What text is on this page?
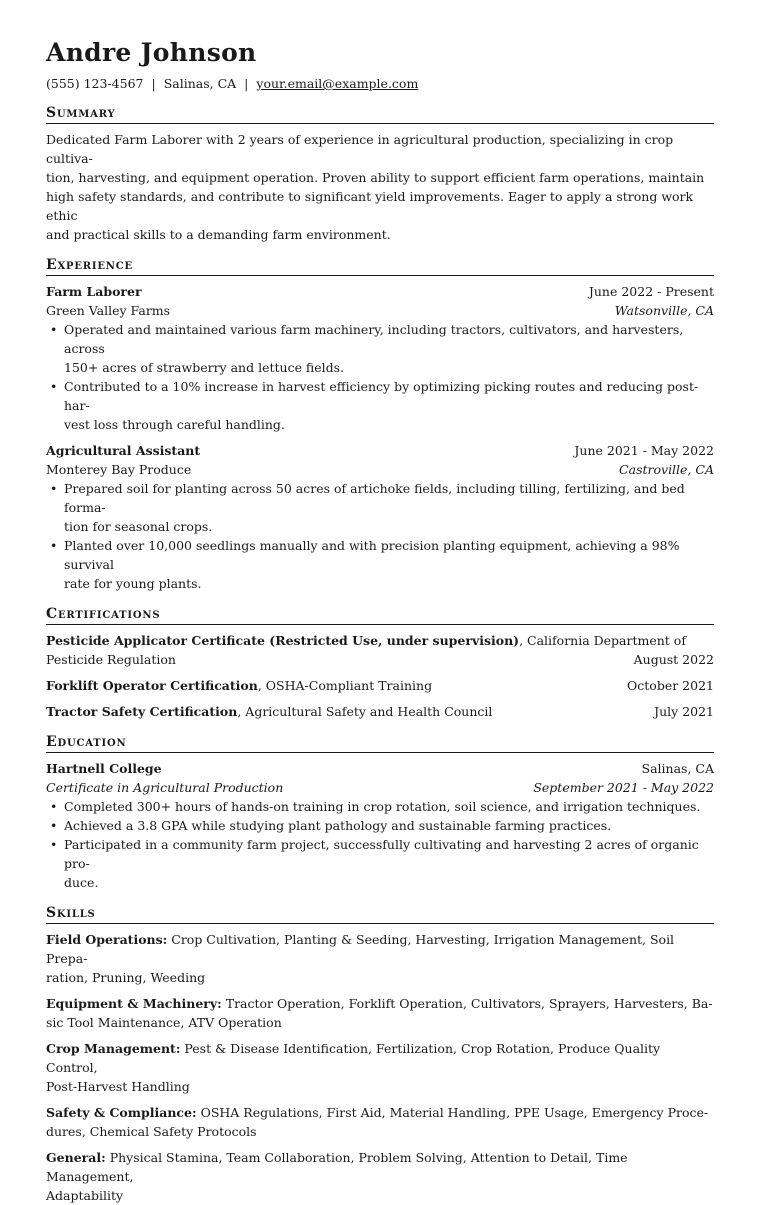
Andre Johnson
(555) 123-4567 | Salinas, CA | your.email@example.com
Summary
Dedicated Farm Laborer with 2 years of experience in agricultural production, specializing in crop cultiva-
tion, harvesting, and equipment operation. Proven ability to support efficient farm operations, maintain
high safety standards, and contribute to significant yield improvements. Eager to apply a strong work ethic
and practical skills to a demanding farm environment.
Experience
Farm Laborer	June 2022 - Present
Green Valley Farms	Watsonville, CA
• Operated and maintained various farm machinery, including tractors, cultivators, and harvesters, across
150+ acres of strawberry and lettuce fields.
• Contributed to a 10% increase in harvest efficiency by optimizing picking routes and reducing post-har-
vest loss through careful handling.
Agricultural Assistant	June 2021 - May 2022
Monterey Bay Produce	Castroville, CA
• Prepared soil for planting across 50 acres of artichoke fields, including tilling, fertilizing, and bed forma-
tion for seasonal crops.
• Planted over 10,000 seedlings manually and with precision planting equipment, achieving a 98% survival
rate for young plants.
Certifications
Pesticide Applicator Certificate (Restricted Use, under supervision), California Department of
Pesticide Regulation	August 2022
Forklift Operator Certification, OSHA-Compliant Training	October 2021
Tractor Safety Certification, Agricultural Safety and Health Council	July 2021
Education
Hartnell College	Salinas, CA
Certificate in Agricultural Production	September 2021 - May 2022
• Completed 300+ hours of hands-on training in crop rotation, soil science, and irrigation techniques.
• Achieved a 3.8 GPA while studying plant pathology and sustainable farming practices.
• Participated in a community farm project, successfully cultivating and harvesting 2 acres of organic pro-
duce.
Skills
Field Operations: Crop Cultivation, Planting & Seeding, Harvesting, Irrigation Management, Soil Prepa-
ration, Pruning, Weeding
Equipment & Machinery: Tractor Operation, Forklift Operation, Cultivators, Sprayers, Harvesters, Ba-
sic Tool Maintenance, ATV Operation
Crop Management: Pest & Disease Identification, Fertilization, Crop Rotation, Produce Quality Control,
Post-Harvest Handling
Safety & Compliance: OSHA Regulations, First Aid, Material Handling, PPE Usage, Emergency Proce-
dures, Chemical Safety Protocols
General: Physical Stamina, Team Collaboration, Problem Solving, Attention to Detail, Time Management,
Adaptability
